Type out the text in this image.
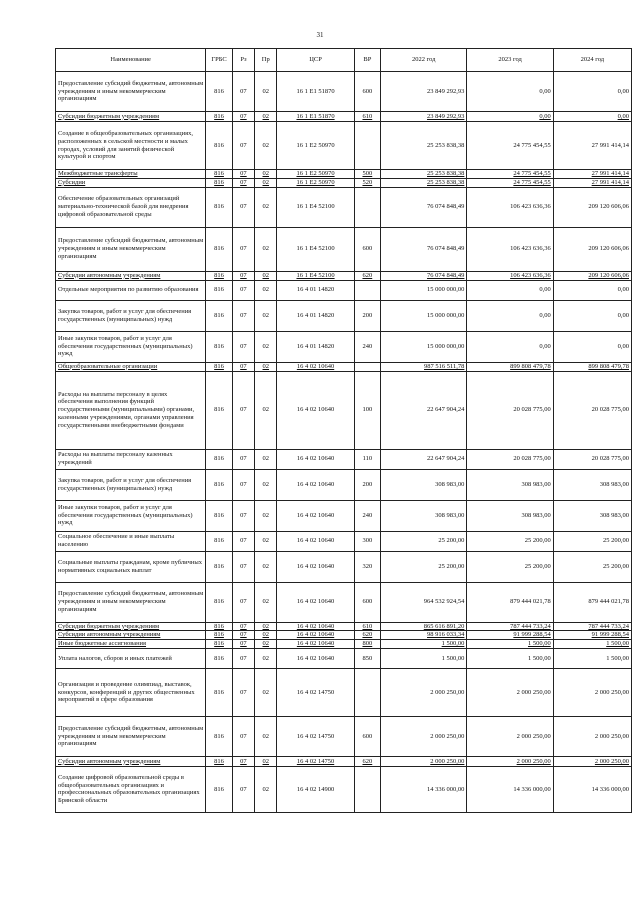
31
Наименование	ГРБС	Рз	Пр	ЦСР	ВР	2022 год	2023 год	2024 год
Предоставление субсидий бюджетным, автономным учреждениям и иным некоммерческим организациям	816	07	02	16 1 E1 51870	600	23 849 292,93	0,00	0,00
Субсидии бюджетным учреждениям	816	07	02	16 1 E1 51870	610	23 849 292,93	0,00	0,00
Создание в общеобразовательных организациях, расположенных в сельской местности и малых городах, условий для занятий физической культурой и спортом	816	07	02	16 1 E2 50970		25 253 838,38	24 775 454,55	27 991 414,14
Межбюджетные трансферты	816	07	02	16 1 E2 50970	500	25 253 838,38	24 775 454,55	27 991 414,14
Субсидии	816	07	02	16 1 E2 50970	520	25 253 838,38	24 775 454,55	27 991 414,14
Обеспечение образовательных организаций материально-технической базой для внедрения цифровой образовательной среды	816	07	02	16 1 E4 52100		76 074 848,49	106 423 636,36	209 120 606,06
Предоставление субсидий бюджетным, автономным учреждениям и иным некоммерческим организациям	816	07	02	16 1 E4 52100	600	76 074 848,49	106 423 636,36	209 120 606,06
Субсидии автономным учреждениям	816	07	02	16 1 E4 52100	620	76 074 848,49	106 423 636,36	209 120 606,06
Отдельные мероприятия по развитию образования	816	07	02	16 4 01 14820		15 000 000,00	0,00	0,00
Закупка товаров, работ и услуг для обеспечения государственных (муниципальных) нужд	816	07	02	16 4 01 14820	200	15 000 000,00	0,00	0,00
Иные закупки товаров, работ и услуг для обеспечения государственных (муниципальных) нужд	816	07	02	16 4 01 14820	240	15 000 000,00	0,00	0,00
Общеобразовательные организации	816	07	02	16 4 02 10640		987 516 511,78	899 808 479,78	899 808 479,78
Расходы на выплаты персоналу в целях обеспечения выполнения функций государственными (муниципальными) органами, казенными учреждениями, органами управления государственными внебюджетными фондами	816	07	02	16 4 02 10640	100	22 647 904,24	20 028 775,00	20 028 775,00
Расходы на выплаты персоналу казенных учреждений	816	07	02	16 4 02 10640	110	22 647 904,24	20 028 775,00	20 028 775,00
Закупка товаров, работ и услуг для обеспечения государственных (муниципальных) нужд	816	07	02	16 4 02 10640	200	308 983,00	308 983,00	308 983,00
Иные закупки товаров, работ и услуг для обеспечения государственных (муниципальных) нужд	816	07	02	16 4 02 10640	240	308 983,00	308 983,00	308 983,00
Социальное обеспечение и иные выплаты населению	816	07	02	16 4 02 10640	300	25 200,00	25 200,00	25 200,00
Социальные выплаты гражданам, кроме публичных нормативных социальных выплат	816	07	02	16 4 02 10640	320	25 200,00	25 200,00	25 200,00
Предоставление субсидий бюджетным, автономным учреждениям и иным некоммерческим организациям	816	07	02	16 4 02 10640	600	964 532 924,54	879 444 021,78	879 444 021,78
Субсидии бюджетным учреждениям	816	07	02	16 4 02 10640	610	865 616 891,20	787 444 733,24	787 444 733,24
Субсидии автономным учреждениям	816	07	02	16 4 02 10640	620	98 916 033,34	91 999 288,54	91 999 288,54
Иные бюджетные ассигнования	816	07	02	16 4 02 10640	800	1 500,00	1 500,00	1 500,00
Уплата налогов, сборов и иных платежей	816	07	02	16 4 02 10640	850	1 500,00	1 500,00	1 500,00
Организация и проведение олимпиад, выставок, конкурсов, конференций и других общественных мероприятий в сфере образования	816	07	02	16 4 02 14750		2 000 250,00	2 000 250,00	2 000 250,00
Предоставление субсидий бюджетным, автономным учреждениям и иным некоммерческим организациям	816	07	02	16 4 02 14750	600	2 000 250,00	2 000 250,00	2 000 250,00
Субсидии автономным учреждениям	816	07	02	16 4 02 14750	620	2 000 250,00	2 000 250,00	2 000 250,00
Создание цифровой образовательной среды в общеобразовательных организациях и профессиональных образовательных организациях Брянской области	816	07	02	16 4 02 14900		14 336 000,00	14 336 000,00	14 336 000,00
